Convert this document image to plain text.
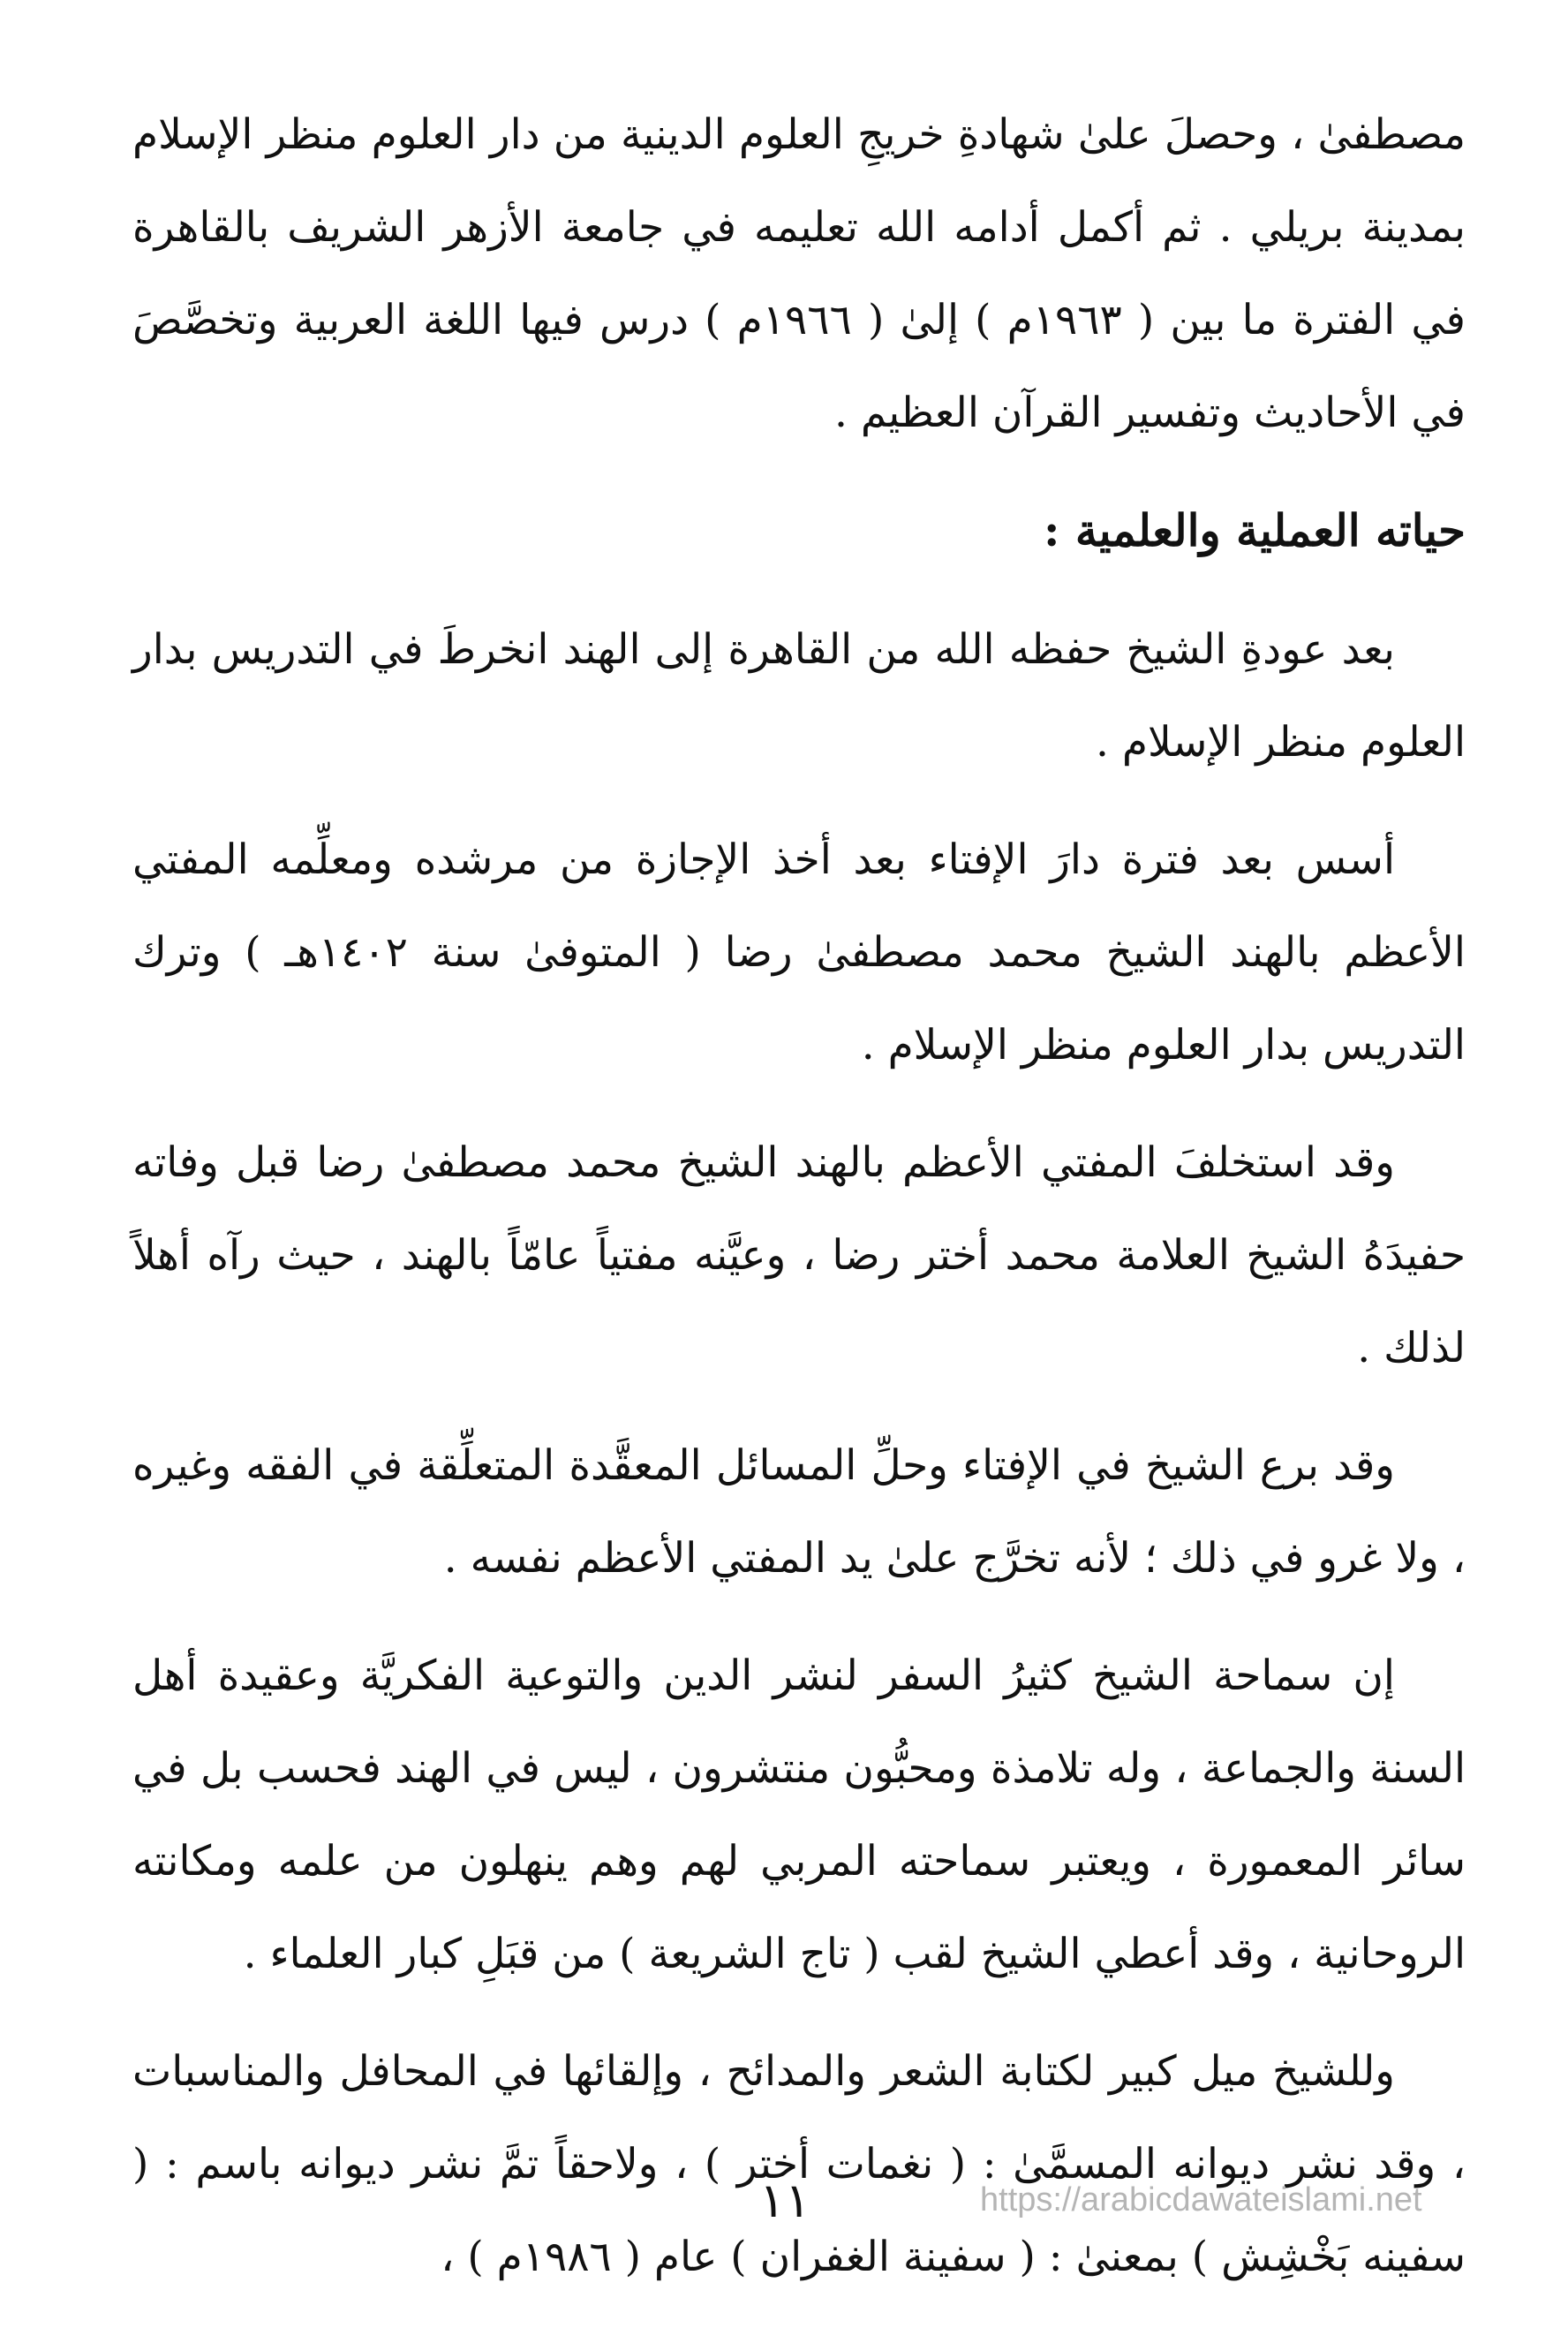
مصطفىٰ ، وحصلَ علىٰ شهادةِ خريجِ العلوم الدينية من دار العلوم منظر الإسلام بمدينة بريلي . ثم أكمل أدامه الله تعليمه في جامعة الأزهر الشريف بالقاهرة في الفترة ما بين ( ١٩٦٣م ) إلىٰ ( ١٩٦٦م ) درس فيها اللغة العربية وتخصَّصَ في الأحاديث وتفسير القرآن العظيم .

حياته العملية والعلمية :

بعد عودةِ الشيخ حفظه الله من القاهرة إلى الهند انخرطَ في التدريس بدار العلوم منظر الإسلام .

أسس بعد فترة دارَ الإفتاء بعد أخذ الإجازة من مرشده ومعلِّمه المفتي الأعظم بالهند الشيخ محمد مصطفىٰ رضا ( المتوفىٰ سنة ١٤٠٢هـ ) وترك التدريس بدار العلوم منظر الإسلام .

وقد استخلفَ المفتي الأعظم بالهند الشيخ محمد مصطفىٰ رضا قبل وفاته حفيدَهُ الشيخ العلامة محمد أختر رضا ، وعيَّنه مفتياً عامّاً بالهند ، حيث رآه أهلاً لذلك .

وقد برع الشيخ في الإفتاء وحلِّ المسائل المعقَّدة المتعلِّقة في الفقه وغيره ، ولا غرو في ذلك ؛ لأنه تخرَّج علىٰ يد المفتي الأعظم نفسه .

إن سماحة الشيخ كثيرُ السفر لنشر الدين والتوعية الفكريَّة وعقيدة أهل السنة والجماعة ، وله تلامذة ومحبُّون منتشرون ، ليس في الهند فحسب بل في سائر المعمورة ، ويعتبر سماحته المربي لهم وهم ينهلون من علمه ومكانته الروحانية ، وقد أعطي الشيخ لقب ( تاج الشريعة ) من قبَلِ كبار العلماء .

وللشيخ ميل كبير لكتابة الشعر والمدائح ، وإلقائها في المحافل والمناسبات ، وقد نشر ديوانه المسمَّىٰ : ( نغمات أختر ) ، ولاحقاً تمَّ نشر ديوانه باسم : ( سفينه بَخْشِش ) بمعنىٰ : ( سفينة الغفران ) عام ( ١٩٨٦م ) ،

١١	https://arabicdawateislami.net
